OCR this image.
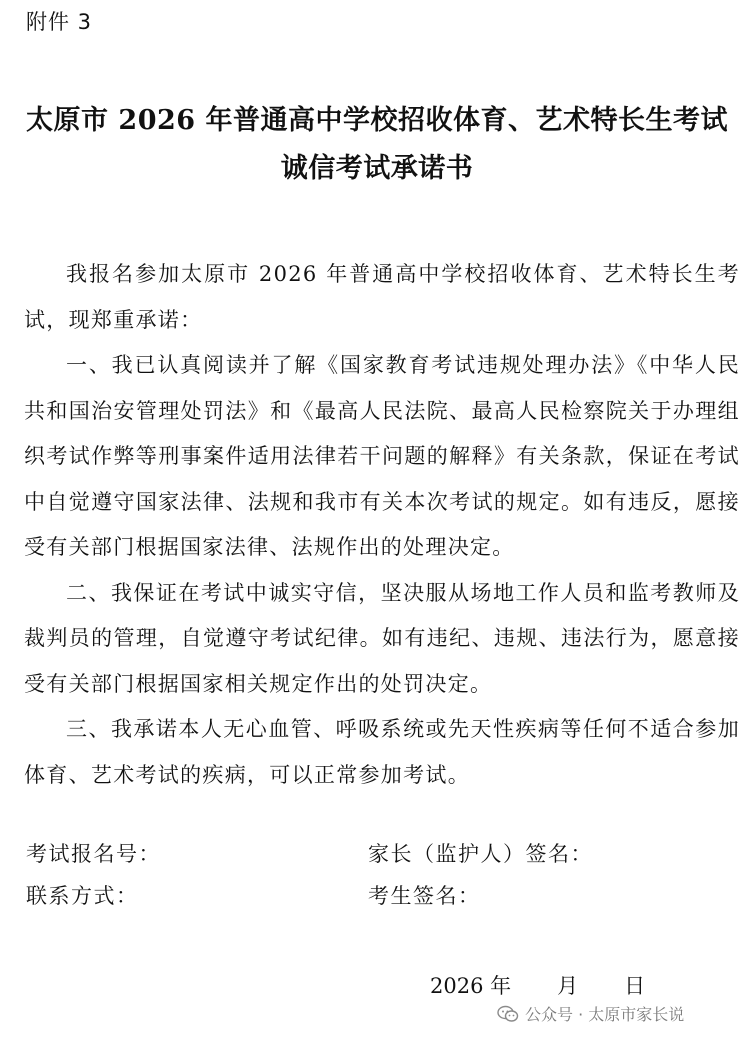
附件 3
太原市 2026 年普通高中学校招收体育、艺术特长生考试
诚信考试承诺书

我报名参加太原市 2026 年普通高中学校招收体育、艺术特长生考试，现郑重承诺：

一、我已认真阅读并了解《国家教育考试违规处理办法》《中华人民共和国治安管理处罚法》和《最高人民法院、最高人民检察院关于办理组织考试作弊等刑事案件适用法律若干问题的解释》有关条款，保证在考试中自觉遵守国家法律、法规和我市有关本次考试的规定。如有违反，愿接受有关部门根据国家法律、法规作出的处理决定。

二、我保证在考试中诚实守信，坚决服从场地工作人员和监考教师及裁判员的管理，自觉遵守考试纪律。如有违纪、违规、违法行为，愿意接受有关部门根据国家相关规定作出的处罚决定。

三、我承诺本人无心血管、呼吸系统或先天性疾病等任何不适合参加体育、艺术考试的疾病，可以正常参加考试。

考试报名号：
联系方式：
家长（监护人）签名：
考生签名：
2026 年 月 日
公众号 · 太原市家长说
